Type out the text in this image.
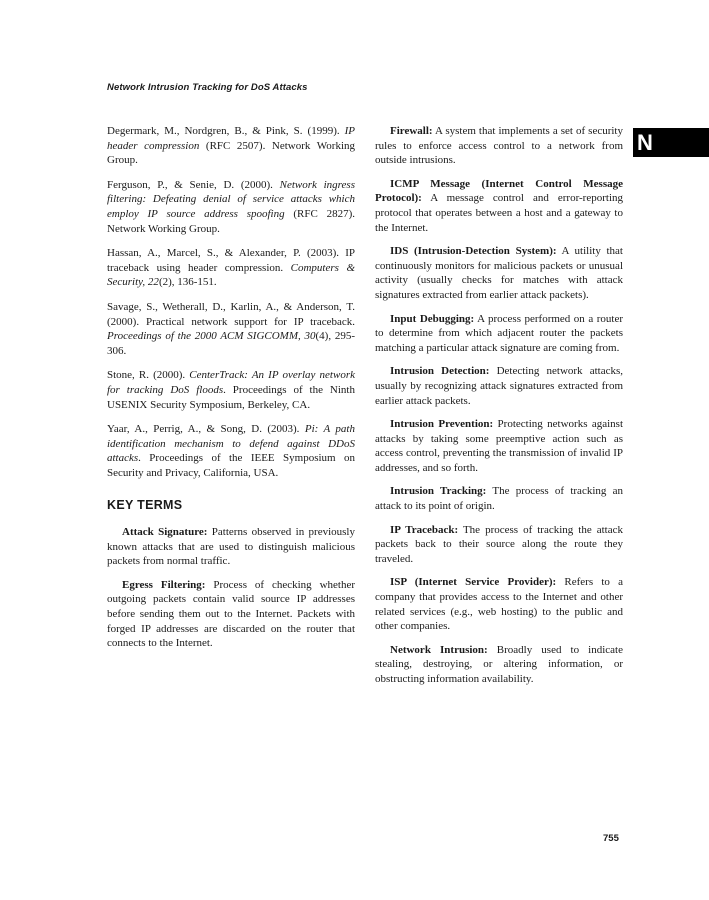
Network Intrusion Tracking for DoS Attacks
N

Degermark, M., Nordgren, B., & Pink, S. (1999). IP header compression (RFC 2507). Network Working Group.

Ferguson, P., & Senie, D. (2000). Network ingress filtering: Defeating denial of service attacks which employ IP source address spoofing (RFC 2827). Network Working Group.

Hassan, A., Marcel, S., & Alexander, P. (2003). IP traceback using header compression. Computers & Security, 22(2), 136-151.

Savage, S., Wetherall, D., Karlin, A., & Anderson, T. (2000). Practical network support for IP traceback. Proceedings of the 2000 ACM SIGCOMM, 30(4), 295-306.

Stone, R. (2000). CenterTrack: An IP overlay network for tracking DoS floods. Proceedings of the Ninth USENIX Security Symposium, Berkeley, CA.

Yaar, A., Perrig, A., & Song, D. (2003). Pi: A path identification mechanism to defend against DDoS attacks. Proceedings of the IEEE Symposium on Security and Privacy, California, USA.

KEY TERMS

Attack Signature: Patterns observed in previously known attacks that are used to distinguish malicious packets from normal traffic.

Egress Filtering: Process of checking whether outgoing packets contain valid source IP addresses before sending them out to the Internet. Packets with forged IP addresses are discarded on the router that connects to the Internet.

Firewall: A system that implements a set of security rules to enforce access control to a network from outside intrusions.

ICMP Message (Internet Control Message Protocol): A message control and error-reporting protocol that operates between a host and a gateway to the Internet.

IDS (Intrusion-Detection System): A utility that continuously monitors for malicious packets or unusual activity (usually checks for matches with attack signatures extracted from earlier attack packets).

Input Debugging: A process performed on a router to determine from which adjacent router the packets matching a particular attack signature are coming from.

Intrusion Detection: Detecting network attacks, usually by recognizing attack signatures extracted from earlier attack packets.

Intrusion Prevention: Protecting networks against attacks by taking some preemptive action such as access control, preventing the transmission of invalid IP addresses, and so forth.

Intrusion Tracking: The process of tracking an attack to its point of origin.

IP Traceback: The process of tracking the attack packets back to their source along the route they traveled.

ISP (Internet Service Provider): Refers to a company that provides access to the Internet and other related services (e.g., web hosting) to the public and other companies.

Network Intrusion: Broadly used to indicate stealing, destroying, or altering information, or obstructing information availability.

755
